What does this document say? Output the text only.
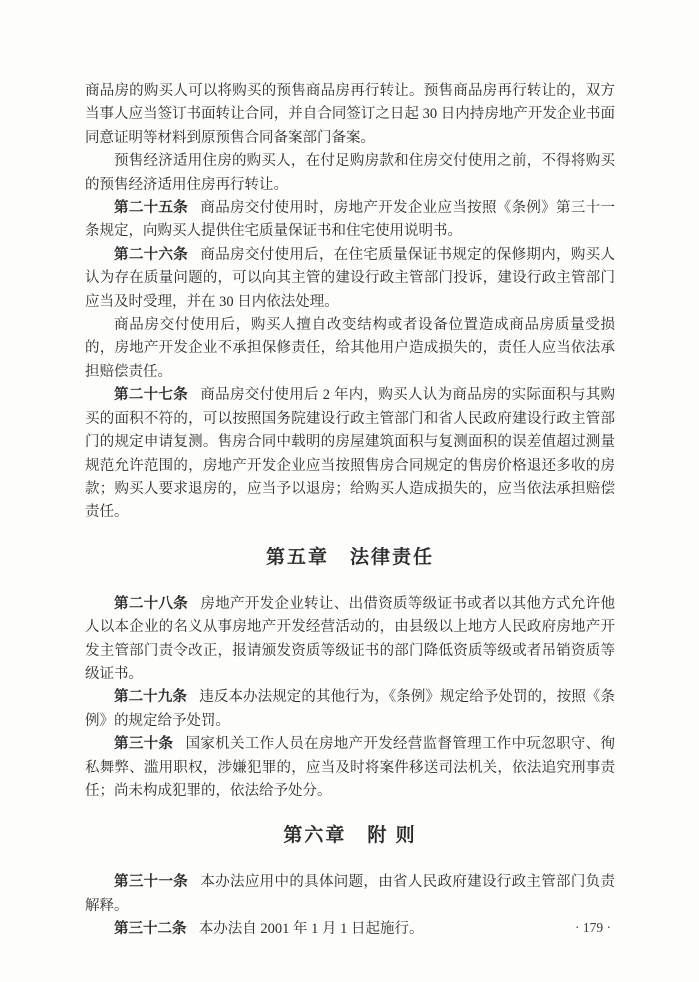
商品房的购买人可以将购买的预售商品房再行转让。预售商品房再行转让的，双方当事人应当签订书面转让合同，并自合同签订之日起 30 日内持房地产开发企业书面同意证明等材料到原预售合同备案部门备案。

预售经济适用住房的购买人，在付足购房款和住房交付使用之前，不得将购买的预售经济适用住房再行转让。

第二十五条 商品房交付使用时，房地产开发企业应当按照《条例》第三十一条规定，向购买人提供住宅质量保证书和住宅使用说明书。

第二十六条 商品房交付使用后，在住宅质量保证书规定的保修期内，购买人认为存在质量问题的，可以向其主管的建设行政主管部门投诉，建设行政主管部门应当及时受理，并在 30 日内依法处理。

商品房交付使用后，购买人擅自改变结构或者设备位置造成商品房质量受损的，房地产开发企业不承担保修责任，给其他用户造成损失的，责任人应当依法承担赔偿责任。

第二十七条 商品房交付使用后 2 年内，购买人认为商品房的实际面积与其购买的面积不符的，可以按照国务院建设行政主管部门和省人民政府建设行政主管部门的规定申请复测。售房合同中载明的房屋建筑面积与复测面积的误差值超过测量规范允许范围的，房地产开发企业应当按照售房合同规定的售房价格退还多收的房款；购买人要求退房的，应当予以退房；给购买人造成损失的，应当依法承担赔偿责任。

第五章　法律责任

第二十八条 房地产开发企业转让、出借资质等级证书或者以其他方式允许他人以本企业的名义从事房地产开发经营活动的，由县级以上地方人民政府房地产开发主管部门责令改正，报请颁发资质等级证书的部门降低资质等级或者吊销资质等级证书。

第二十九条 违反本办法规定的其他行为，《条例》规定给予处罚的，按照《条例》的规定给予处罚。

第三十条 国家机关工作人员在房地产开发经营监督管理工作中玩忽职守、徇私舞弊、滥用职权，涉嫌犯罪的，应当及时将案件移送司法机关，依法追究刑事责任；尚未构成犯罪的，依法给予处分。

第六章　附 则

第三十一条 本办法应用中的具体问题，由省人民政府建设行政主管部门负责解释。

第三十二条 本办法自 2001 年 1 月 1 日起施行。	· 179 ·
